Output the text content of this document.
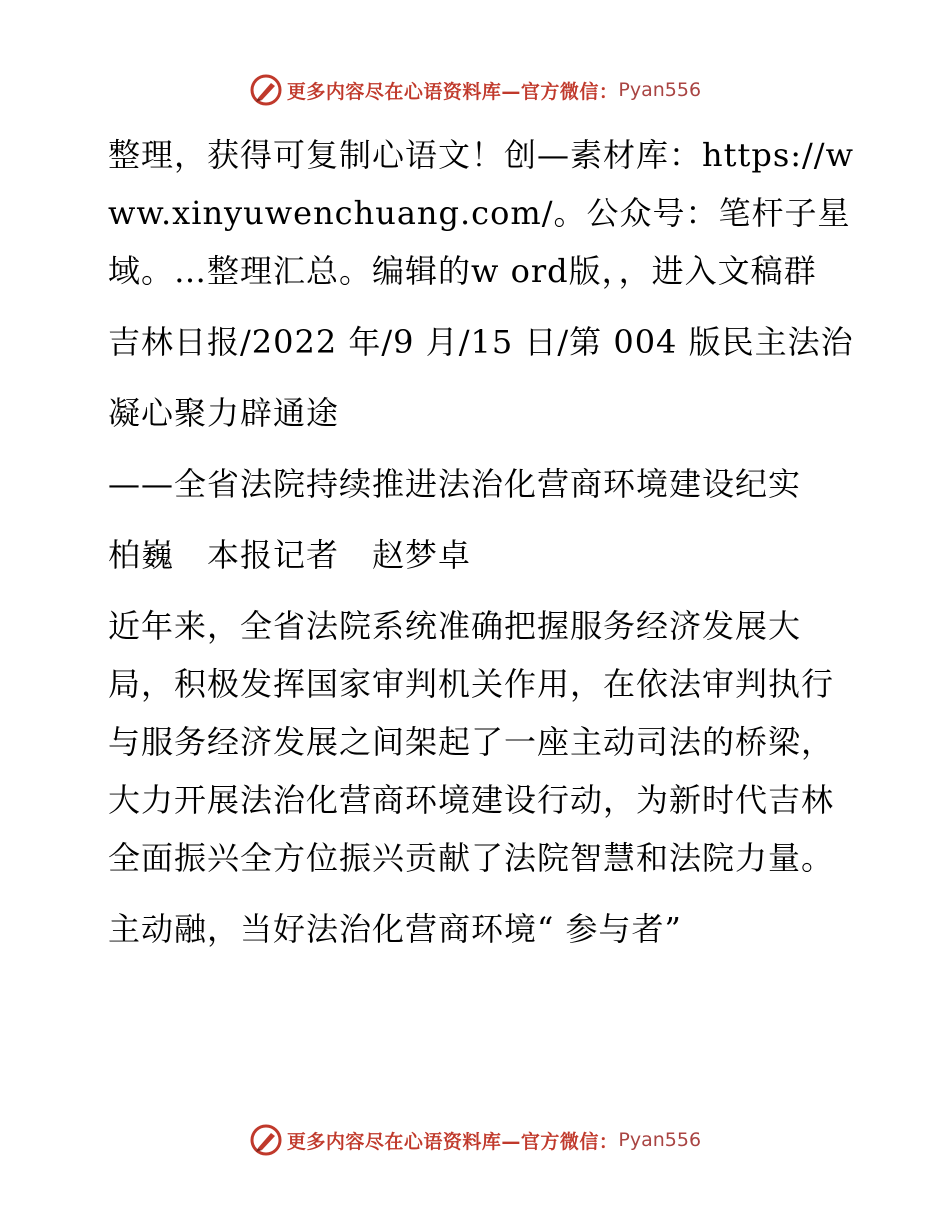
更多内容尽在心语资料库—官方微信： Pyan556

整理，获得可复制心语文！创—素材库：https://www.xinyuwenchuang.com/。公众号：笔杆子星域。…整理汇总。编辑的w ord版，，进入文稿群

吉林日报/2022 年/9 月/15 日/第 004 版民主法治

凝心聚力辟通途

——全省法院持续推进法治化营商环境建设纪实

柏巍　本报记者　赵梦卓

近年来，全省法院系统准确把握服务经济发展大局，积极发挥国家审判机关作用，在依法审判执行与服务经济发展之间架起了一座主动司法的桥梁，大力开展法治化营商环境建设行动，为新时代吉林全面振兴全方位振兴贡献了法院智慧和法院力量。

主动融，当好法治化营商环境“ 参与者”

更多内容尽在心语资料库—官方微信： Pyan556
